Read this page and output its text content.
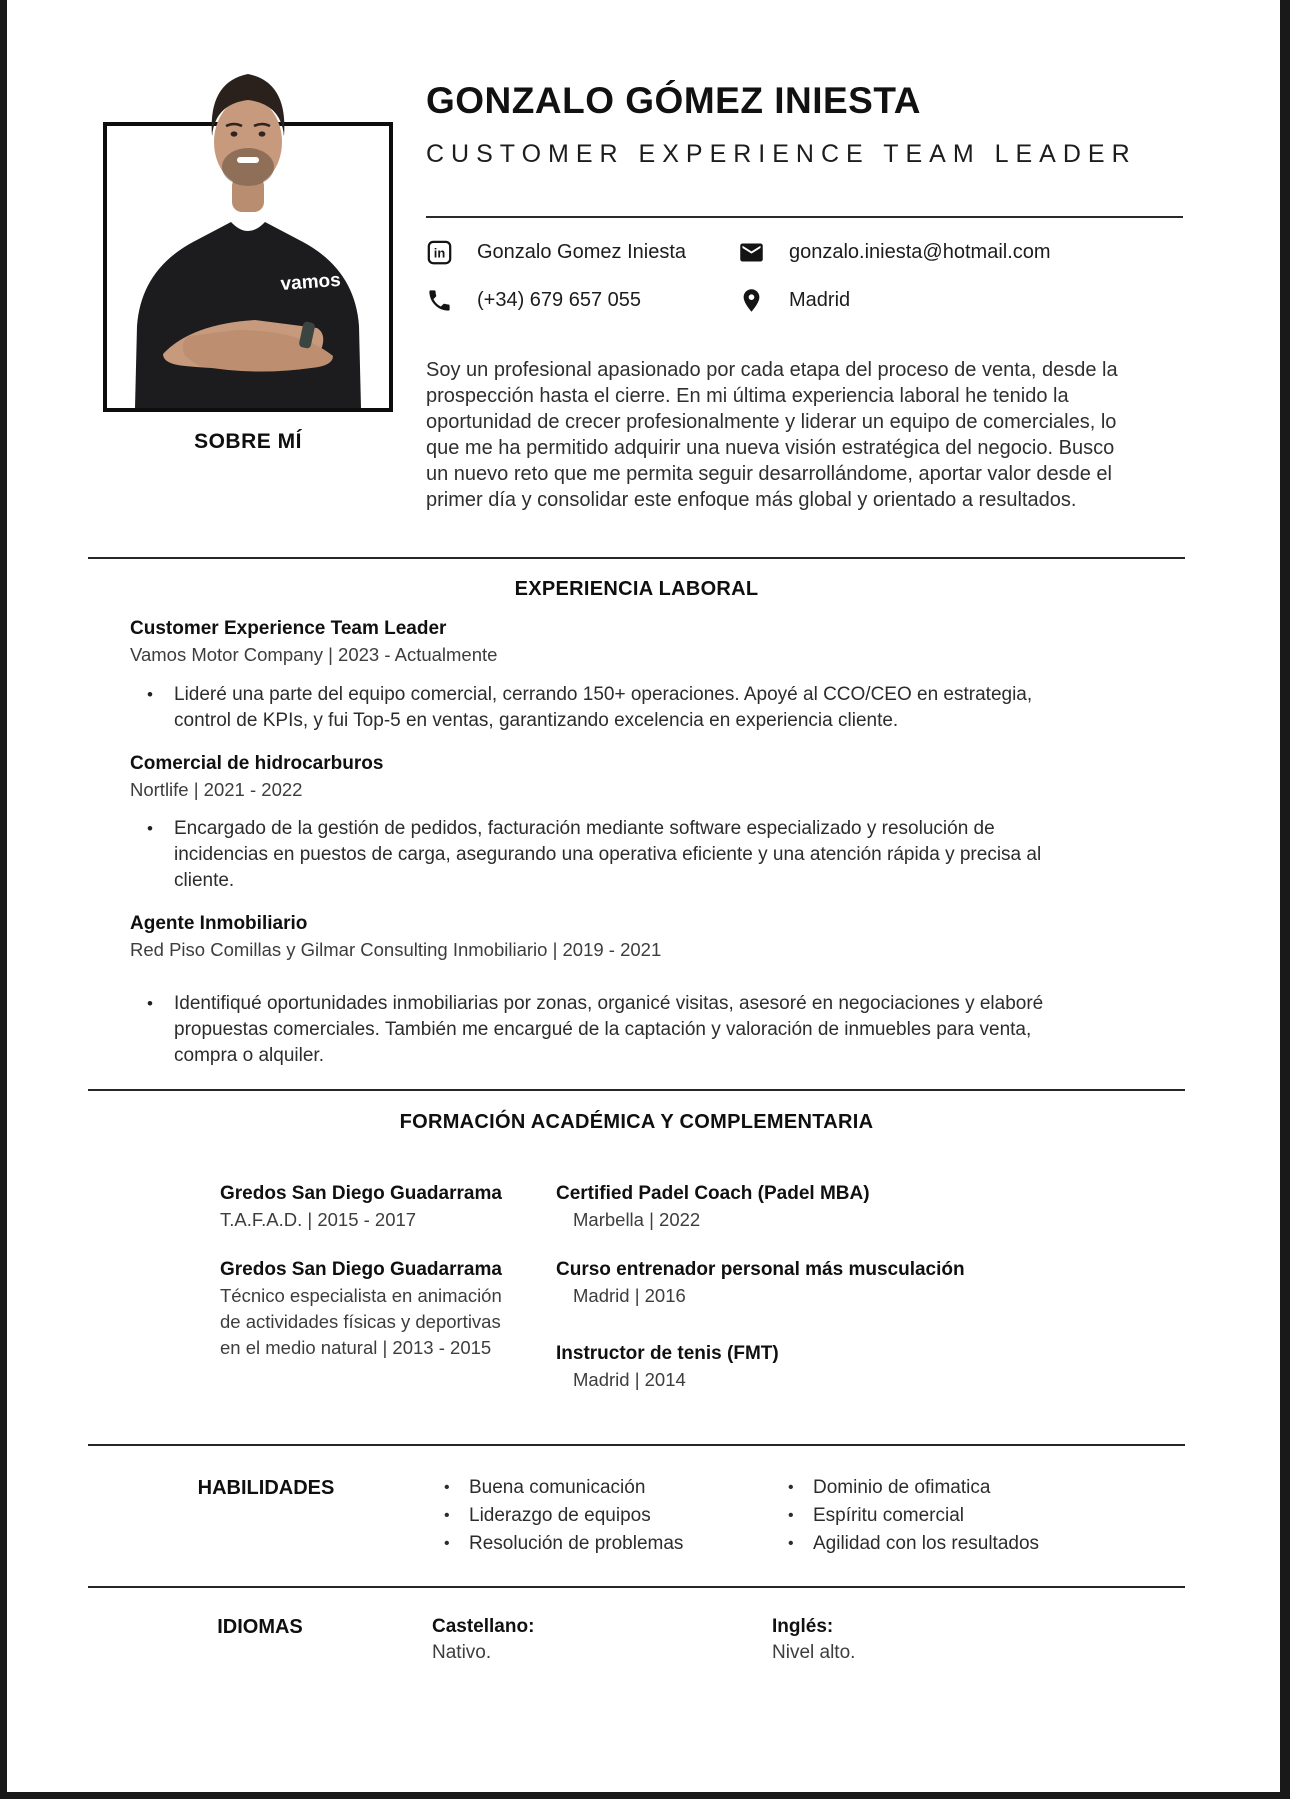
vamos
SOBRE MÍ
GONZALO GÓMEZ INIESTA
CUSTOMER EXPERIENCE TEAM LEADER
in Gonzalo Gomez Iniesta	gonzalo.iniesta@hotmail.com
(+34) 679 657 055	Madrid
Soy un profesional apasionado por cada etapa del proceso de venta, desde la prospección hasta el cierre. En mi última experiencia laboral he tenido la oportunidad de crecer profesionalmente y liderar un equipo de comerciales, lo que me ha permitido adquirir una nueva visión estratégica del negocio. Busco un nuevo reto que me permita seguir desarrollándome, aportar valor desde el primer día y consolidar este enfoque más global y orientado a resultados.
EXPERIENCIA LABORAL
Customer Experience Team Leader
Vamos Motor Company | 2023 - Actualmente
•	Lideré una parte del equipo comercial, cerrando 150+ operaciones. Apoyé al CCO/CEO en estrategia, control de KPIs, y fui Top-5 en ventas, garantizando excelencia en experiencia cliente.
Comercial de hidrocarburos
Nortlife | 2021 - 2022
•	Encargado de la gestión de pedidos, facturación mediante software especializado y resolución de incidencias en puestos de carga, asegurando una operativa eficiente y una atención rápida y precisa al cliente.
Agente Inmobiliario
Red Piso Comillas y Gilmar Consulting Inmobiliario | 2019 - 2021
•	Identifiqué oportunidades inmobiliarias por zonas, organicé visitas, asesoré en negociaciones y elaboré propuestas comerciales. También me encargué de la captación y valoración de inmuebles para venta, compra o alquiler.
FORMACIÓN ACADÉMICA Y COMPLEMENTARIA
Gredos San Diego Guadarrama
T.A.F.A.D. | 2015 - 2017
Gredos San Diego Guadarrama
Técnico especialista en animación de actividades físicas y deportivas en el medio natural | 2013 - 2015
Certified Padel Coach (Padel MBA)
Marbella | 2022
Curso entrenador personal más musculación
Madrid | 2016
Instructor de tenis (FMT)
Madrid | 2014
HABILIDADES	•	Buena comunicación
•	Liderazgo de equipos
•	Resolución de problemas
•	Dominio de ofimatica
•	Espíritu comercial
•	Agilidad con los resultados
IDIOMAS	Castellano:
Nativo.
Inglés:
Nivel alto.
